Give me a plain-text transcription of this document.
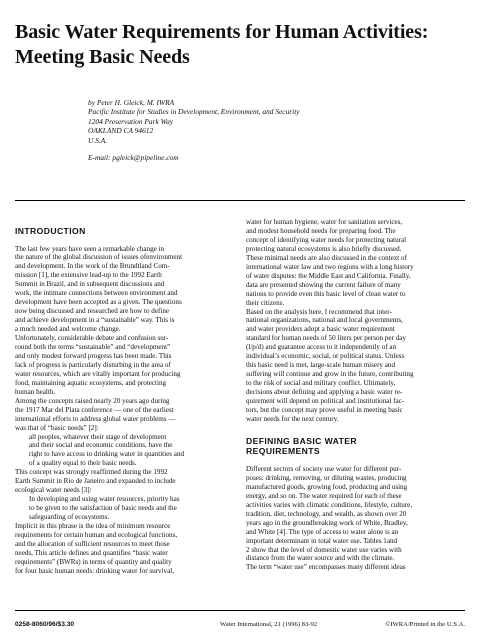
Basic Water Requirements for Human Activities:
Meeting Basic Needs
by Peter H. Gleick, M. IWRA
Pacific Institute for Studies in Development, Environment, and Security
1204 Preservation Park Way
OAKLAND CA 94612
U.S.A.
E-mail: pgleick@pipeline.com
INTRODUCTION

The last few years have seen a remarkable change in
the nature of the global discussion of issues ofenvironment
and development. In the work of the Brundtland Com-
mission [1], the extensive lead-up to the 1992 Earth
Summit in Brazil, and in subsequent discussions and
work, the intimate connections between environment and
development have been accepted as a given. The questions
now being discussed and researched are how to define
and achieve development in a “sustainable” way. This is
a much needed and welcome change.

Unfortunately, considerable debate and confusion sur-
round both the terms “sustainable” and “development”
and only modest forward progress has been made. This
lack of progress is particularly disturbing in the area of
water resources, which are vitally important for producing
food, maintaining aquatic ecosystems, and protecting
human health.

Among the concepts raised nearly 20 years ago during
the 1917 Mar del Plata conference — one of the earliest
international efforts to address global water problems —
was that of “basic needs” [2]:

all peoples, whatever their stage of development
and their social and economic conditions, have the
right to have access to drinking water in quantities and
of a quality equal to their basic needs.

This concept was strongly reaffirmed during the 1992
Earth Summit in Rio de Janeiro and expanded to include
ecological water needs [3]:

In developing and using water resources, priority has
to be given to the satisfaction of basic needs and the
safeguarding of ecosystems.

Implicit in this phrase is the idea of minimum resource
requirements for certain human and ecological functions,
and the allocation of sufficient resources to meet those
needs, This article defines and quantifies “basic water
requirements” (BWRs) in terms of quantity and quality
for four basic human needs: drinking water for survival,

water for human hygiene, water for sanitation services,
and modest household needs for preparing food. The
concept of identifying water needs for protecting natural
protecting natural ecosystems is also briefly discussed.
These minimal needs are also discussed in the context of
international water law and two regions with a long history
of water disputes: the Middle East and California. Finally,
data are presented showing the current failure of many
nations to provide even this basic level of clean water to
their citizens.

Based on the analysis here, I recommend that inter-
national organizations, national and local governments,
and water providers adopt a basic water requirement
standard for human needs of 50 liters per person per day
(l/p/d) and guarantee access to it independently of an
individual’s economic, social, or political status. Unless
this basic need is met, large-scale human misery and
suffering will continue and grow in the future, contributing
to the risk of social and military conflict. Ultimately,
decisions about defining and applying a basic water re-
quirement will depend on political and institutional fac-
tors, but the concept may prove useful in meeting basic
water needs for the next century.

DEFINING BASIC WATER
REQUIREMENTS

Different sectors of society use water for different pur-
poses: drinking, removing, or diluting wastes, producing
manufactured goods, growing food, producing and using
energy, and so on. The water required for each of these
activities varies with climatic conditions, lifestyle, culture,
tradition, diet, technology, and wealth, as shown over 20
years ago in the groundbreaking work of White, Bradley,
and White [4]. The type of access to water alone is an
important determinant in total water use. Tables 1and
2 show that the level of domestic water use varies with
distance from the water source and with the climate.

The term “water use” encompasses many different ideas

0258-8060/96/$3.30	Water International, 21 (1996) 83-92	©IWRA/Printed in the U.S.A.
